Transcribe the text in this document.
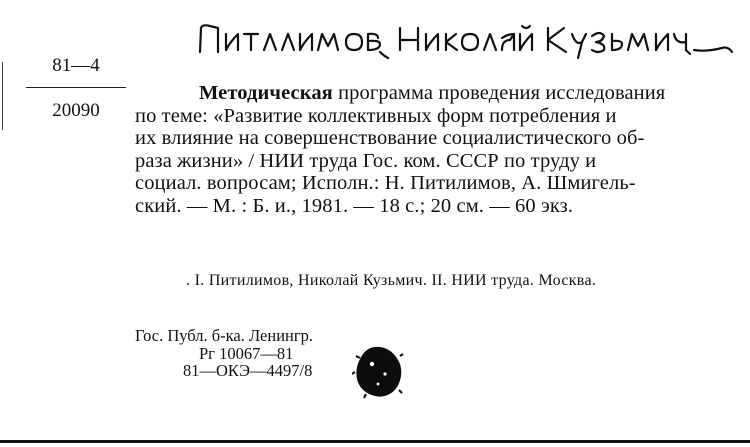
81—4
20090

Методическая программа проведения исследования

по теме: «Развитие коллективных форм потребления и

их влияние на совершенствование социалистического об-

раза жизни» / НИИ труда Гос. ком. СССР по труду и

социал. вопросам; Исполн.: Н. Питилимов, А. Шмигель-

ский. — М. : Б. и., 1981. — 18 с.; 20 см. — 60 экз.

. I. Питилимов, Николай Кузьмич. II. НИИ труда. Москва.
Гос. Публ. б-ка. Ленингр.
Рг 10067—81
81—ОКЭ—4497/8
